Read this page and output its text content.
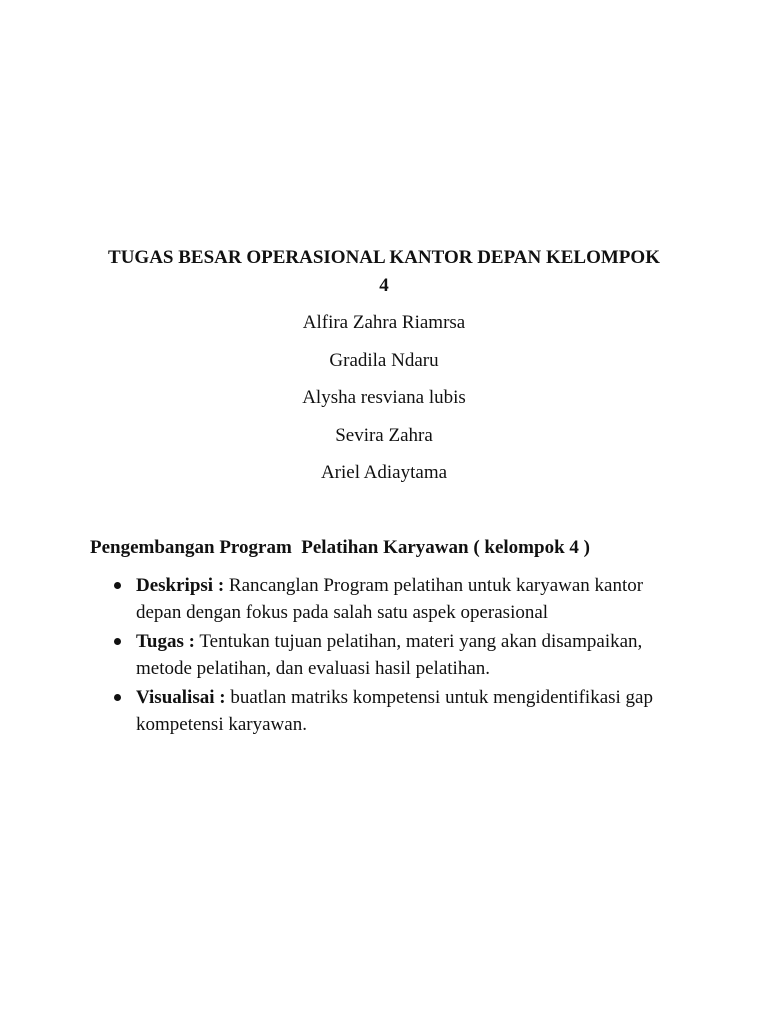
TUGAS BESAR OPERASIONAL KANTOR DEPAN KELOMPOK
4
Alfira Zahra Riamrsa
Gradila Ndaru
Alysha resviana lubis
Sevira Zahra
Ariel Adiaytama
Pengembangan Program  Pelatihan Karyawan ( kelompok 4 )
Deskripsi : Rancanglan Program pelatihan untuk karyawan kantor depan dengan fokus pada salah satu aspek operasional
Tugas : Tentukan tujuan pelatihan, materi yang akan disampaikan, metode pelatihan, dan evaluasi hasil pelatihan.
Visualisai : buatlan matriks kompetensi untuk mengidentifikasi gap kompetensi karyawan.
